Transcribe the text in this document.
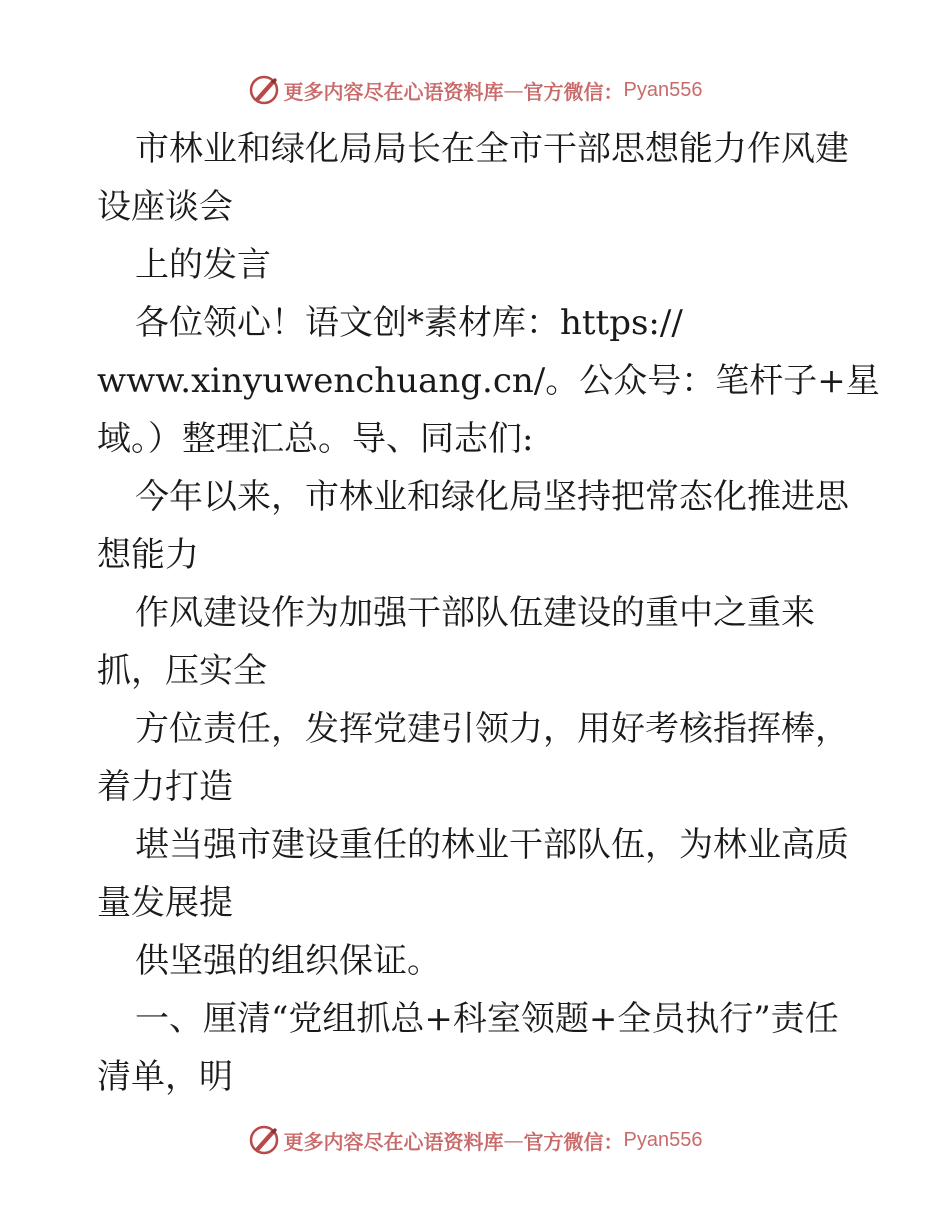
更多内容尽在心语资料库 — 官方微信： Pyan556
市林业和绿化局局长在全市干部思想能力作风建
设座谈会
上的发言
各位领心！语文创*素材库：https://
www.xinyuwenchuang.cn/。公众号：笔杆子+星
域。）整理汇总。导、同志们:
今年以来，市林业和绿化局坚持把常态化推进思
想能力
作风建设作为加强干部队伍建设的重中之重来
抓，压实全
方位责任，发挥党建引领力，用好考核指挥棒，
着力打造
堪当强市建设重任的林业干部队伍，为林业高质
量发展提
供坚强的组织保证。
一、厘清“党组抓总+科室领题+全员执行”责任
清单，明
更多内容尽在心语资料库 — 官方微信： Pyan556
